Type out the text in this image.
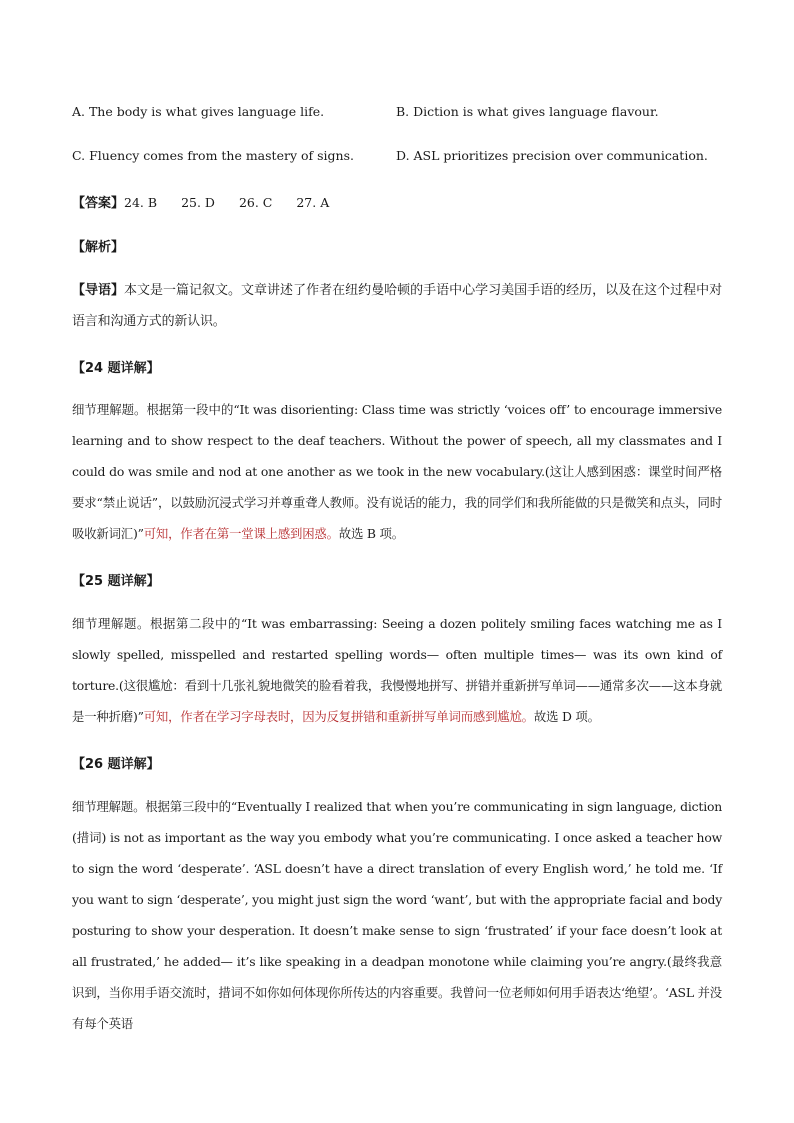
A. The body is what gives language life.	B. Diction is what gives language flavour.
C. Fluency comes from the mastery of signs.	D. ASL prioritizes precision over communication.
【答案】24. B 25. D 26. C 27. A
【解析】
【导语】本文是一篇记叙文。文章讲述了作者在纽约曼哈顿的手语中心学习美国手语的经历，以及在这个过程中对语言和沟通方式的新认识。
【24 题详解】
细节理解题。根据第一段中的“It was disorienting: Class time was strictly ‘voices off’ to encourage immersive learning and to show respect to the deaf teachers. Without the power of speech, all my classmates and I could do was smile and nod at one another as we took in the new vocabulary.(这让人感到困惑：课堂时间严格要求“禁止说话”，以鼓励沉浸式学习并尊重聋人教师。没有说话的能力，我的同学们和我所能做的只是微笑和点头，同时吸收新词汇)”可知，作者在第一堂课上感到困惑。故选 B 项。
【25 题详解】
细节理解题。根据第二段中的“It was embarrassing: Seeing a dozen politely smiling faces watching me as I slowly spelled, misspelled and restarted spelling words— often multiple times— was its own kind of torture.(这很尴尬：看到十几张礼貌地微笑的脸看着我，我慢慢地拼写、拼错并重新拼写单词——通常多次——这本身就是一种折磨)”可知，作者在学习字母表时，因为反复拼错和重新拼写单词而感到尴尬。故选 D 项。
【26 题详解】
细节理解题。根据第三段中的“Eventually I realized that when you’re communicating in sign language, diction (措词) is not as important as the way you embody what you’re communicating. I once asked a teacher how to sign the word ‘desperate’. ‘ASL doesn’t have a direct translation of every English word,’ he told me. ‘If you want to sign ‘desperate’, you might just sign the word ‘want’, but with the appropriate facial and body posturing to show your desperation. It doesn’t make sense to sign ‘frustrated’ if your face doesn’t look at all frustrated,’ he added— it’s like speaking in a deadpan monotone while claiming you’re angry.(最终我意识到，当你用手语交流时，措词不如你如何体现你所传达的内容重要。我曾问一位老师如何用手语表达‘绝望’。‘ASL 并没有每个英语
